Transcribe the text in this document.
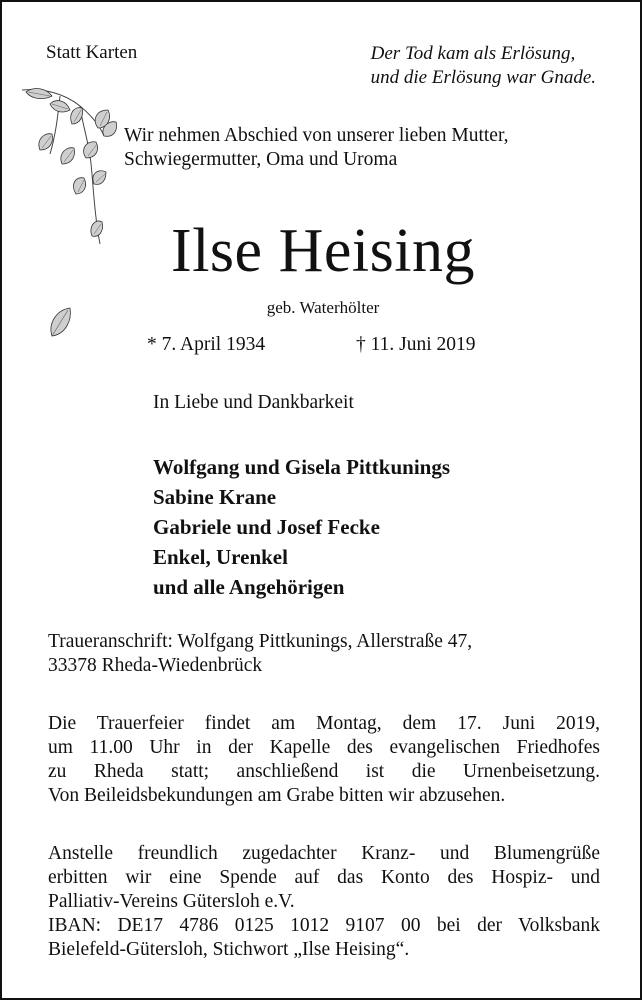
Statt Karten	Der Tod kam als Erlösung,
und die Erlösung war Gnade.
Wir nehmen Abschied von unserer lieben Mutter,
Schwiegermutter, Oma und Uroma
Ilse Heising
geb. Waterhölter
* 7. April 1934	† 11. Juni 2019
In Liebe und Dankbarkeit
Wolfgang und Gisela Pittkunings
Sabine Krane
Gabriele und Josef Fecke
Enkel, Urenkel
und alle Angehörigen
Traueranschrift: Wolfgang Pittkunings, Allerstraße 47,
33378 Rheda-Wiedenbrück
Die Trauerfeier findet am Montag, dem 17. Juni 2019,
um 11.00 Uhr in der Kapelle des evangelischen Friedhofes
zu Rheda statt; anschließend ist die Urnenbeisetzung.
Von Beileidsbekundungen am Grabe bitten wir abzusehen.
Anstelle freundlich zugedachter Kranz- und Blumengrüße
erbitten wir eine Spende auf das Konto des Hospiz- und
Palliativ-Vereins Gütersloh e.V.
IBAN: DE17 4786 0125 1012 9107 00 bei der Volksbank
Bielefeld-Gütersloh, Stichwort „Ilse Heising“.
